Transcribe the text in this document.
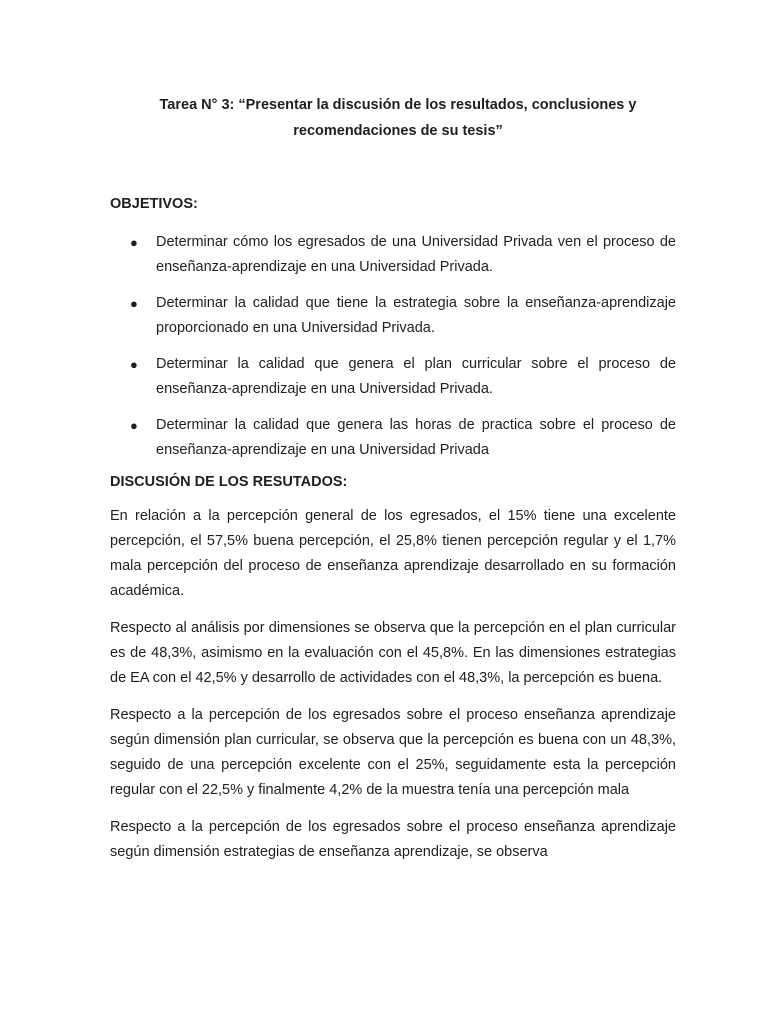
Tarea N° 3: “Presentar la discusión de los resultados, conclusiones y
recomendaciones de su tesis”
OBJETIVOS:
● Determinar cómo los egresados de una Universidad Privada ven el proceso de enseñanza-aprendizaje en una Universidad Privada.
● Determinar la calidad que tiene la estrategia sobre la enseñanza-aprendizaje proporcionado en una Universidad Privada.
● Determinar la calidad que genera el plan curricular sobre el proceso de enseñanza-aprendizaje en una Universidad Privada.
● Determinar la calidad que genera las horas de practica sobre el proceso de enseñanza-aprendizaje en una Universidad Privada
DISCUSIÓN DE LOS RESUTADOS:

En relación a la percepción general de los egresados, el 15% tiene una excelente percepción, el 57,5% buena percepción, el 25,8% tienen percepción regular y el 1,7% mala percepción del proceso de enseñanza aprendizaje desarrollado en su formación académica.

Respecto al análisis por dimensiones se observa que la percepción en el plan curricular es de 48,3%, asimismo en la evaluación con el 45,8%. En las dimensiones estrategias de EA con el 42,5% y desarrollo de actividades con el 48,3%, la percepción es buena.

Respecto a la percepción de los egresados sobre el proceso enseñanza aprendizaje según dimensión plan curricular, se observa que la percepción es buena con un 48,3%, seguido de una percepción excelente con el 25%, seguidamente esta la percepción regular con el 22,5% y finalmente 4,2% de la muestra tenía una percepción mala

Respecto a la percepción de los egresados sobre el proceso enseñanza aprendizaje según dimensión estrategias de enseñanza aprendizaje, se observa
